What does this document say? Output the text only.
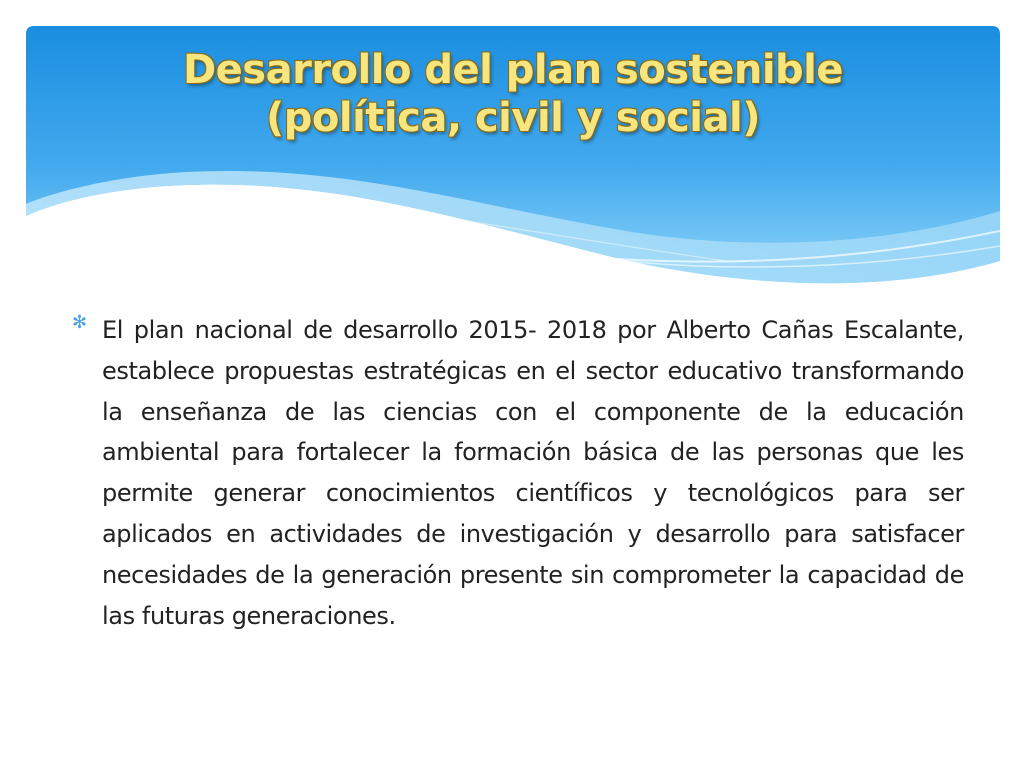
Desarrollo del plan sostenible
(política, civil y social)
✻ El plan nacional de desarrollo 2015- 2018 por Alberto Cañas Escalante, establece propuestas estratégicas en el sector educativo transformando la enseñanza de las ciencias con el componente de la educación ambiental para fortalecer la formación básica de las personas que les permite generar conocimientos científicos y tecnológicos para ser aplicados en actividades de investigación y desarrollo para satisfacer necesidades de la generación presente sin comprometer la capacidad de las futuras generaciones.
